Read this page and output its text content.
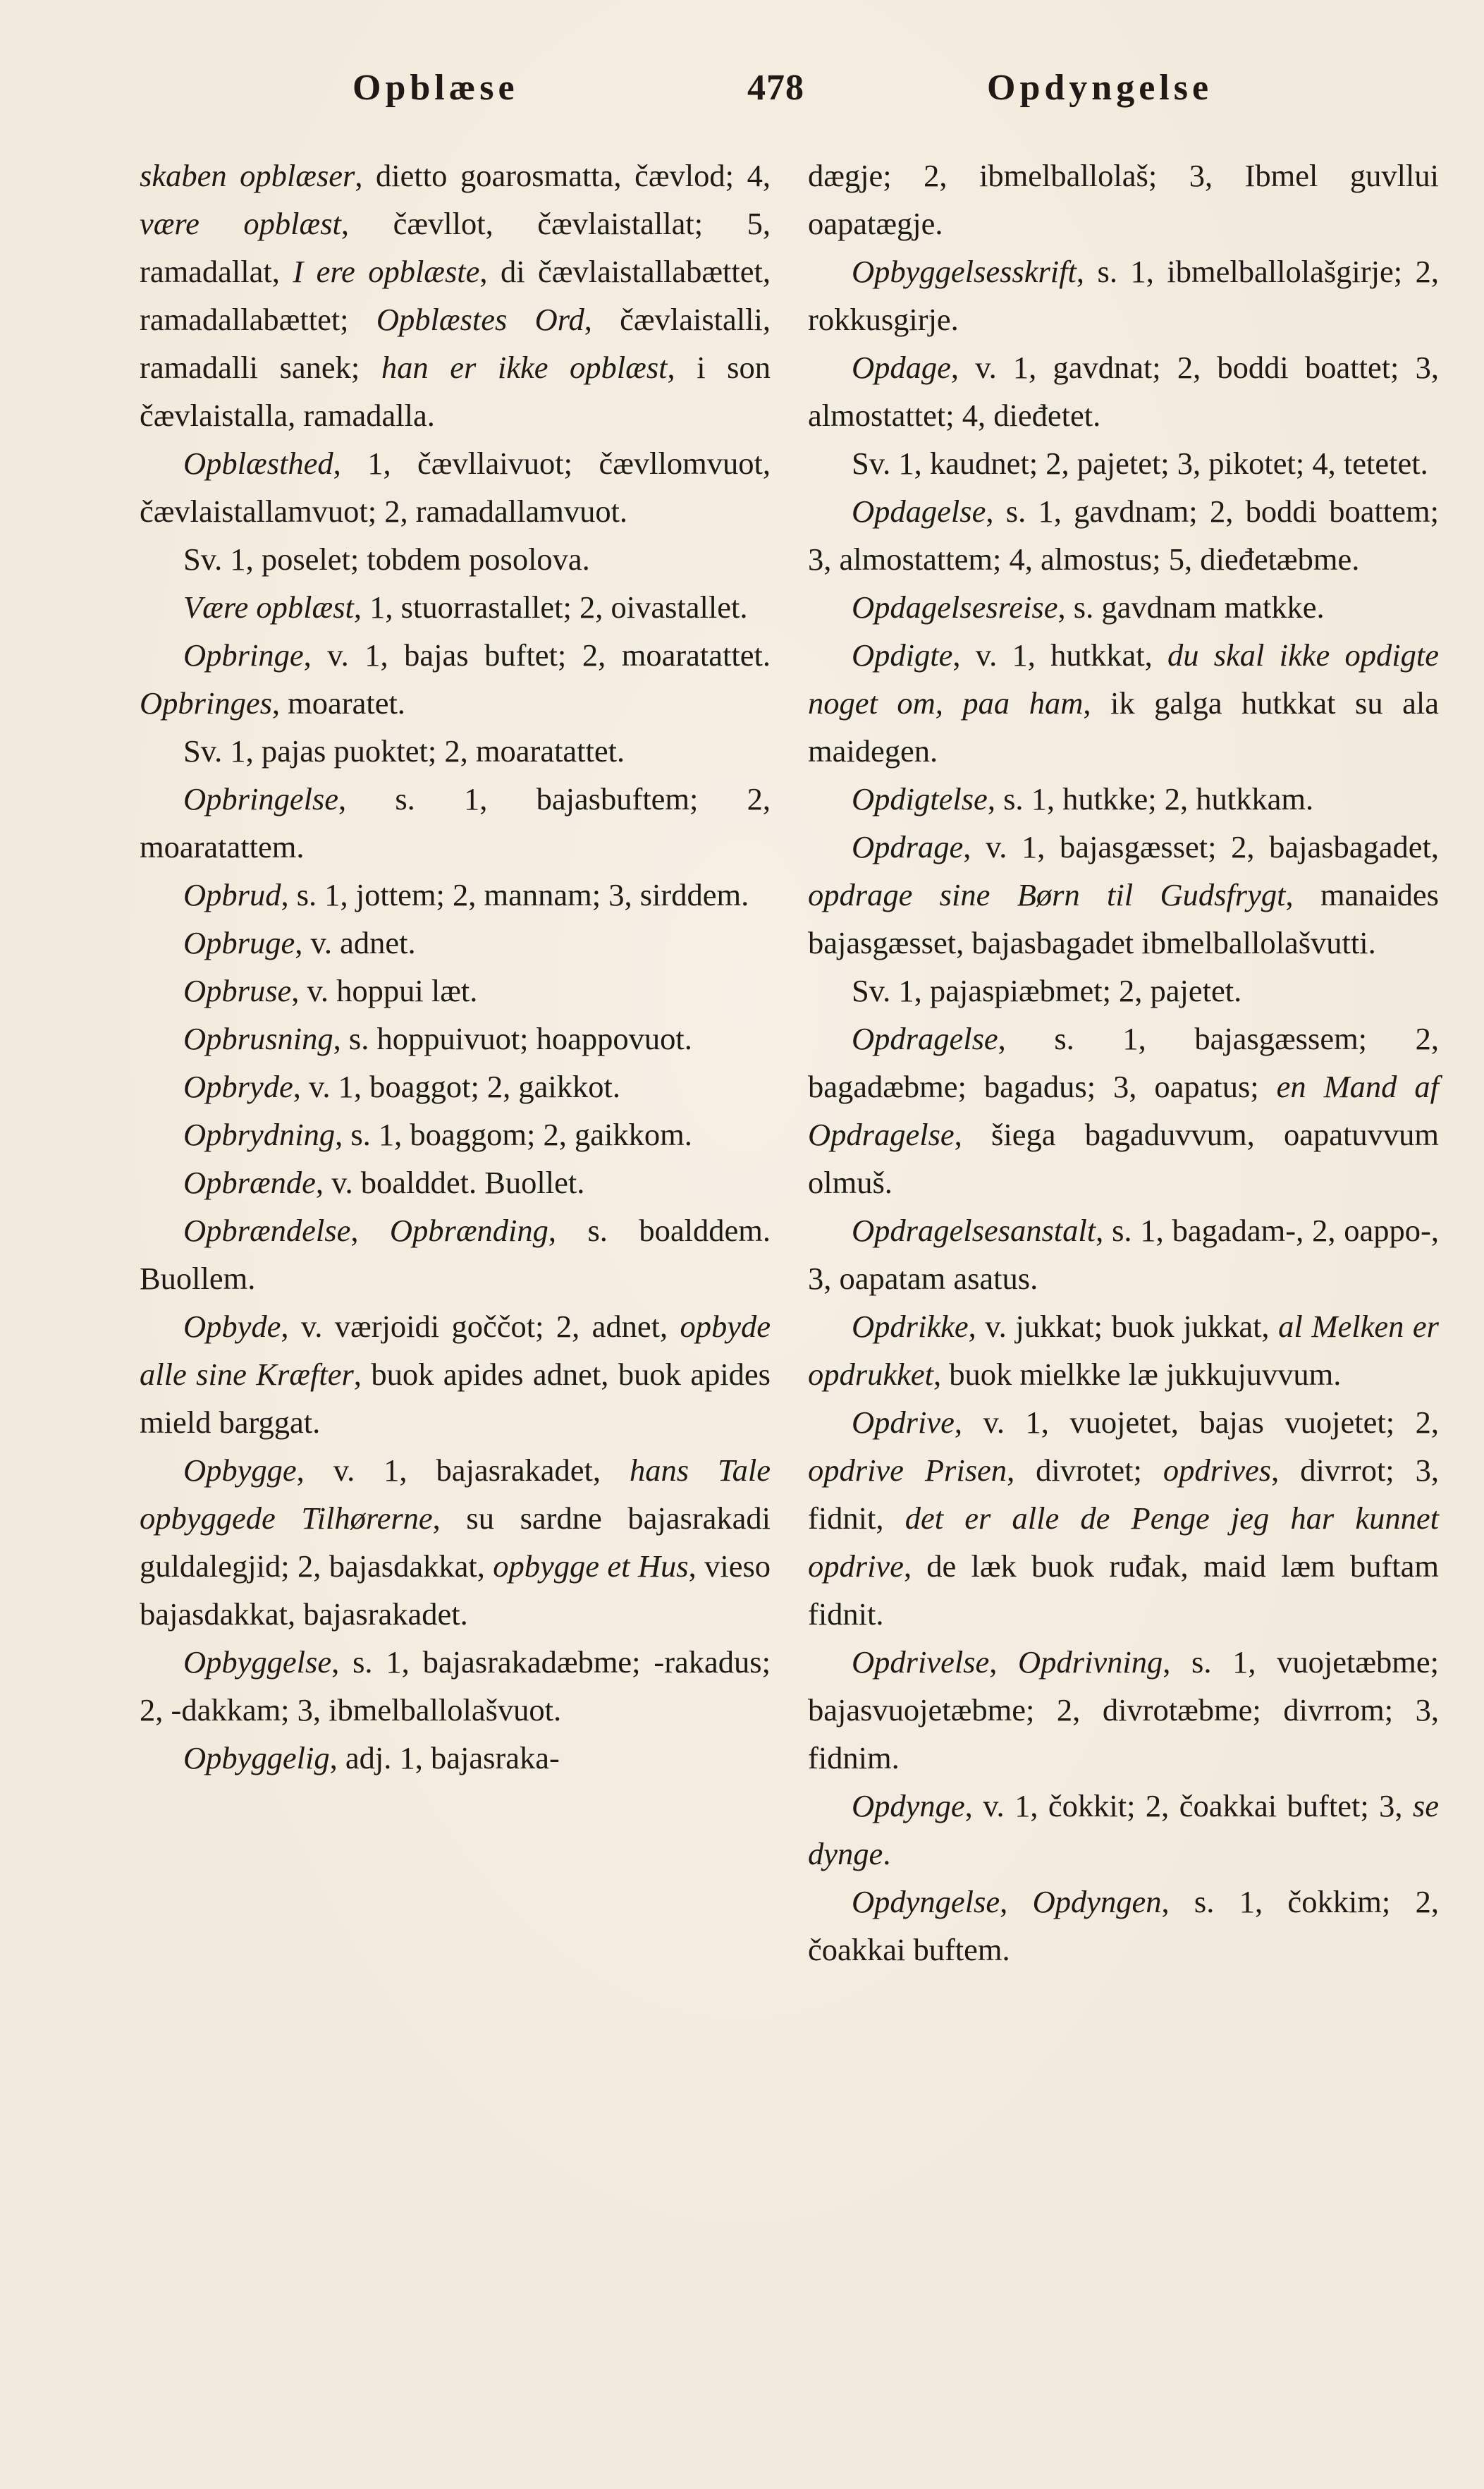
Opblæse	478	Opdyngelse

skaben opblæser, dietto goarosmatta, čævlod; 4, være opblæst, čævllot, čævlaistallat; 5, ramadallat, I ere opblæste, di čævlaistallabættet, ramadallabættet; Opblæstes Ord, čævlaistalli, ramadalli sanek; han er ikke opblæst, i son čævlaistalla, ramadalla.

Opblæsthed, 1, čævllaivuot; čævllomvuot, čævlaistallamvuot; 2, ramadallamvuot.

Sv. 1, poselet; tobdem posolova.

Være opblæst, 1, stuorrastallet; 2, oivastallet.

Opbringe, v. 1, bajas buftet; 2, moaratattet. Opbringes, moaratet.

Sv. 1, pajas puoktet; 2, moaratattet.

Opbringelse, s. 1, bajasbuftem; 2, moaratattem.

Opbrud, s. 1, jottem; 2, mannam; 3, sirddem.

Opbruge, v. adnet.

Opbruse, v. hoppui læt.

Opbrusning, s. hoppuivuot; hoappovuot.

Opbryde, v. 1, boaggot; 2, gaikkot.

Opbrydning, s. 1, boaggom; 2, gaikkom.

Opbrænde, v. boalddet. Buollet.

Opbrændelse, Opbrænding, s. boalddem. Buollem.

Opbyde, v. værjoidi goččot; 2, adnet, opbyde alle sine Kræfter, buok apides adnet, buok apides mield barggat.

Opbygge, v. 1, bajasrakadet, hans Tale opbyggede Tilhørerne, su sardne bajasrakadi guldalegjid; 2, bajasdakkat, opbygge et Hus, vieso bajasdakkat, bajasrakadet.

Opbyggelse, s. 1, bajasrakadæbme; -rakadus; 2, -dakkam; 3, ibmelballolašvuot.

Opbyggelig, adj. 1, bajasraka-

dægje; 2, ibmelballolaš; 3, Ibmel guvllui oapatægje.

Opbyggelsesskrift, s. 1, ibmelballolašgirje; 2, rokkusgirje.

Opdage, v. 1, gavdnat; 2, boddi boattet; 3, almostattet; 4, dieđetet.

Sv. 1, kaudnet; 2, pajetet; 3, pikotet; 4, tetetet.

Opdagelse, s. 1, gavdnam; 2, boddi boattem; 3, almostattem; 4, almostus; 5, dieđetæbme.

Opdagelsesreise, s. gavdnam matkke.

Opdigte, v. 1, hutkkat, du skal ikke opdigte noget om, paa ham, ik galga hutkkat su ala maidegen.

Opdigtelse, s. 1, hutkke; 2, hutkkam.

Opdrage, v. 1, bajasgæsset; 2, bajasbagadet, opdrage sine Børn til Gudsfrygt, manaides bajasgæsset, bajasbagadet ibmelballolašvutti.

Sv. 1, pajaspiæbmet; 2, pajetet.

Opdragelse, s. 1, bajasgæssem; 2, bagadæbme; bagadus; 3, oapatus; en Mand af Opdragelse, šiega bagaduvvum, oapatuvvum olmuš.

Opdragelsesanstalt, s. 1, bagadam-, 2, oappo-, 3, oapatam asatus.

Opdrikke, v. jukkat; buok jukkat, al Melken er opdrukket, buok mielkke læ jukkujuvvum.

Opdrive, v. 1, vuojetet, bajas vuojetet; 2, opdrive Prisen, divrotet; opdrives, divrrot; 3, fidnit, det er alle de Penge jeg har kunnet opdrive, de læk buok ruđak, maid læm buftam fidnit.

Opdrivelse, Opdrivning, s. 1, vuojetæbme; bajasvuojetæbme; 2, divrotæbme; divrrom; 3, fidnim.

Opdynge, v. 1, čokkit; 2, čoakkai buftet; 3, se dynge.

Opdyngelse, Opdyngen, s. 1, čokkim; 2, čoakkai buftem.
